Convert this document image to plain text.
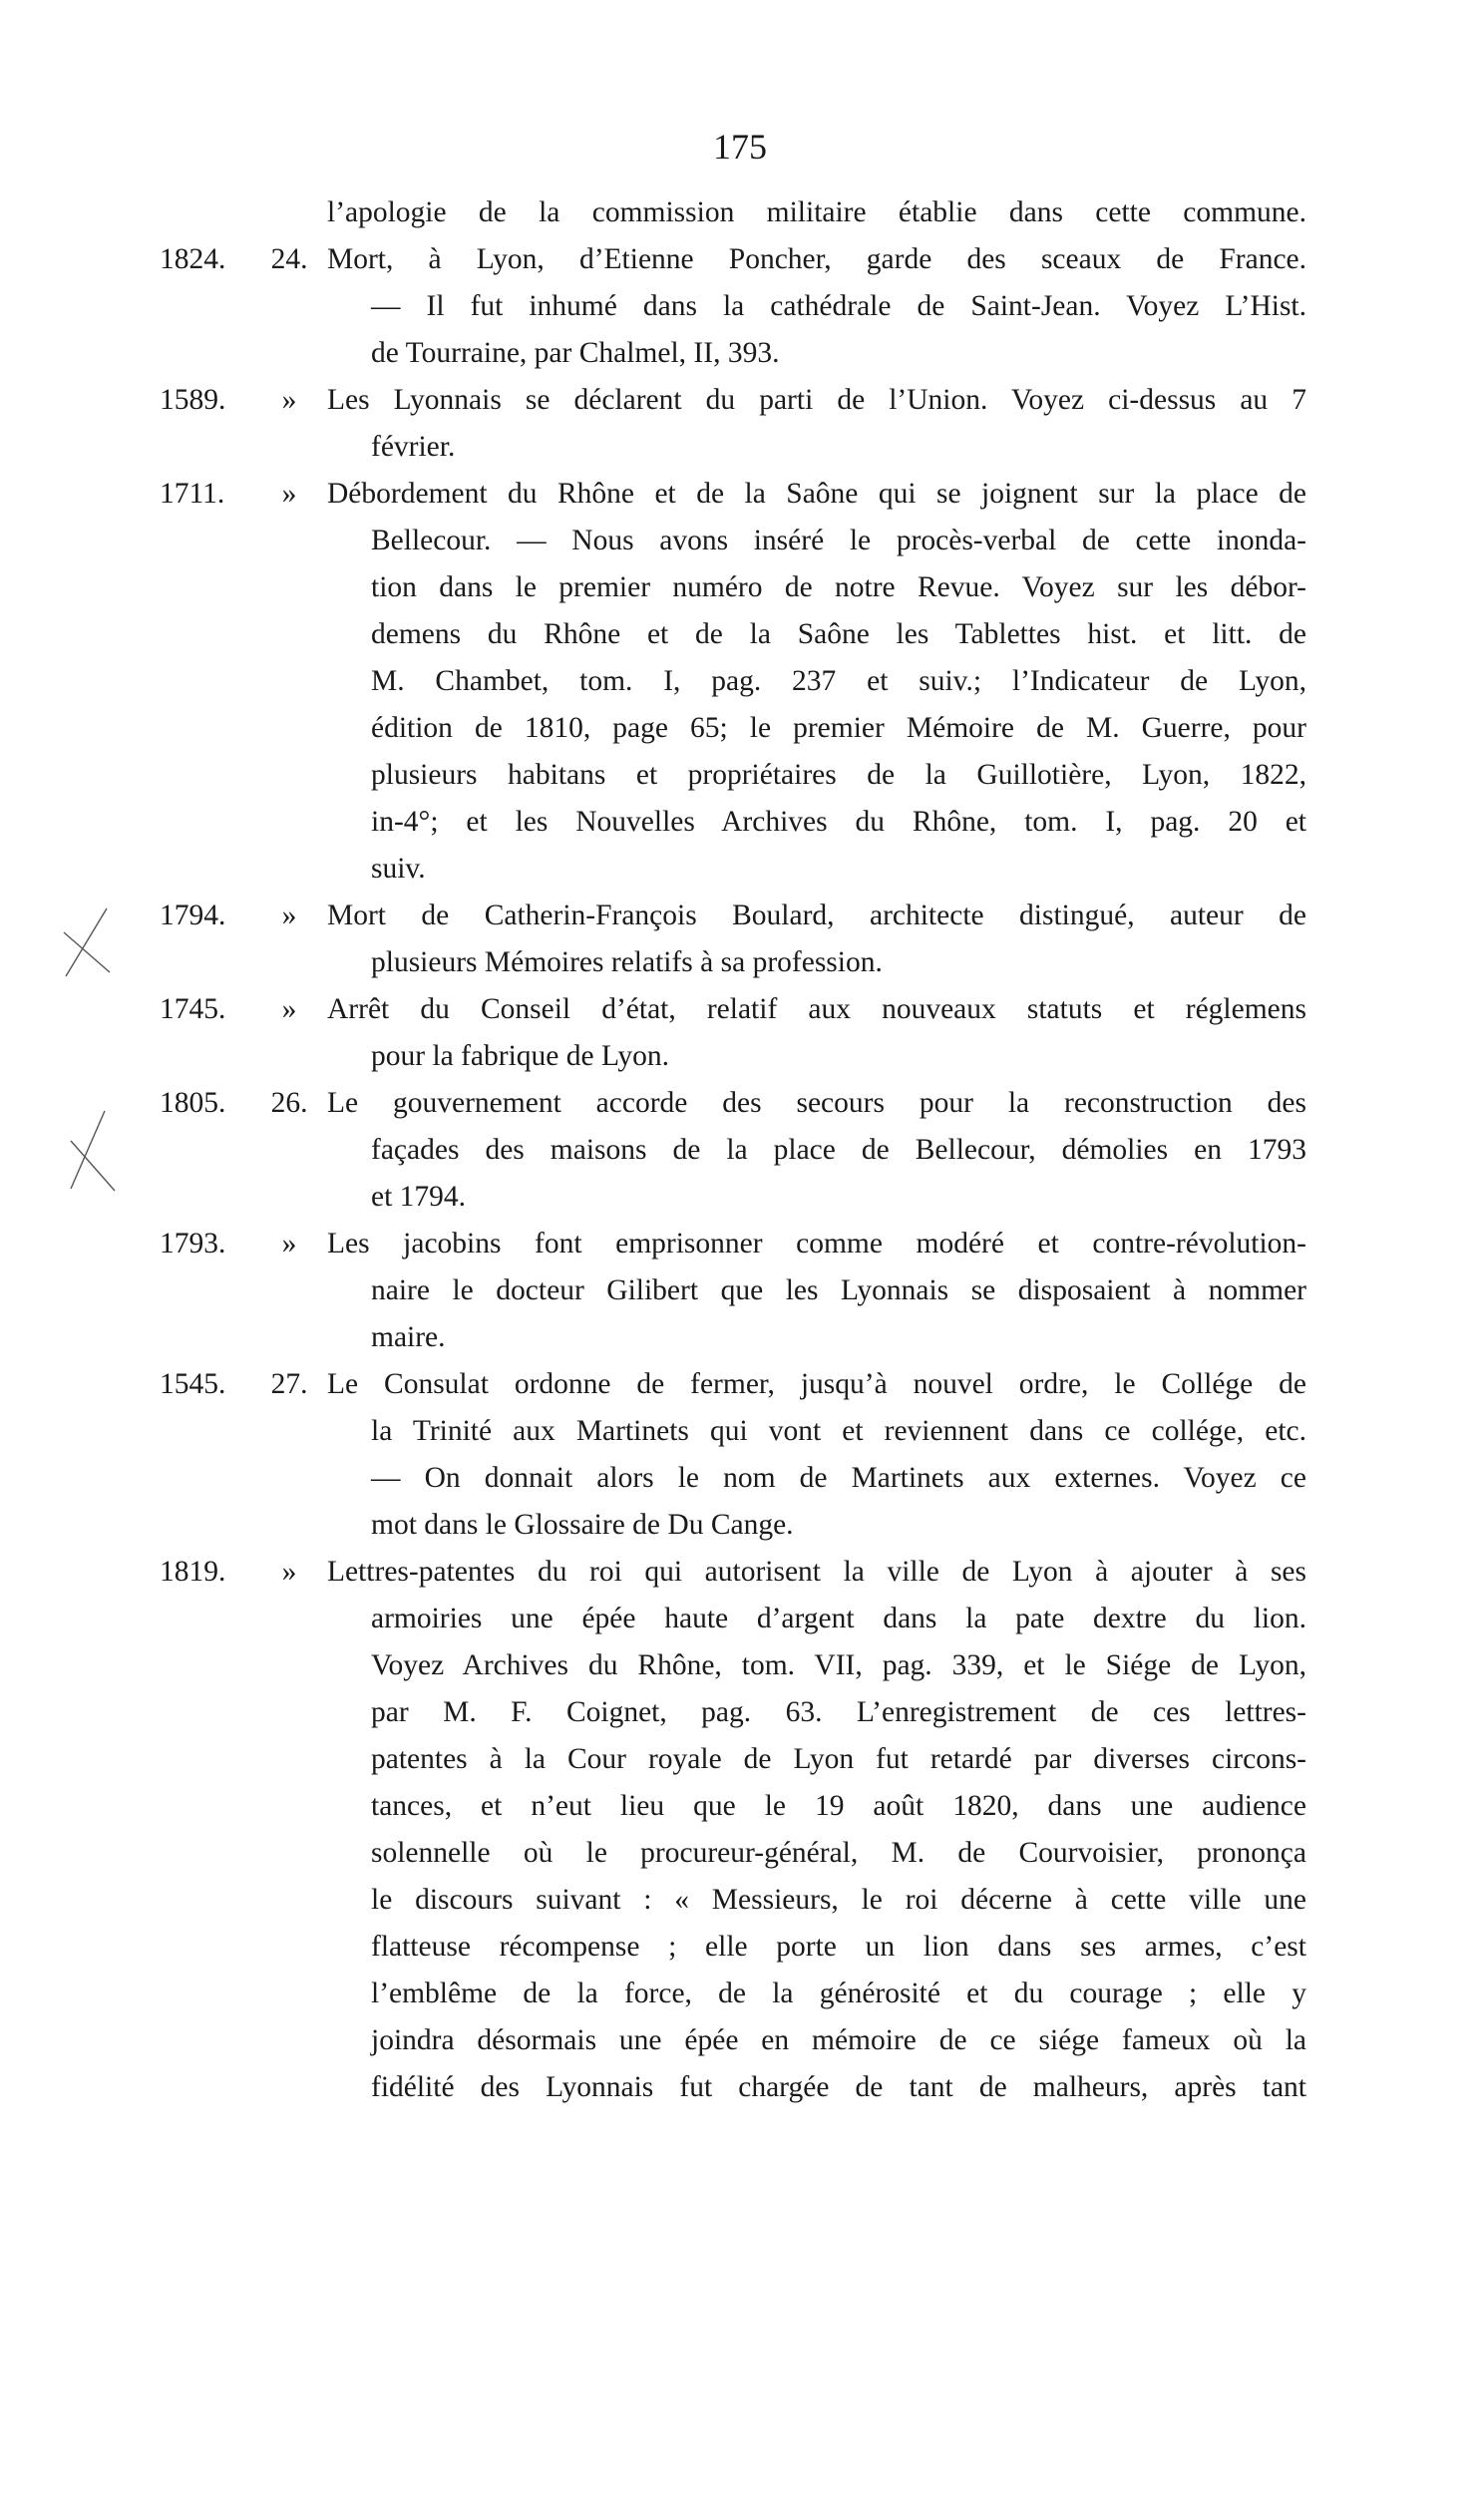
175
l’apologie de la commission militaire établie dans cette commune.
1824.	24. Mort, à Lyon, d’Etienne Poncher, garde des sceaux de France.
— Il fut inhumé dans la cathédrale de Saint-Jean. Voyez L’Hist.
de Tourraine, par Chalmel, II, 393.
1589.	»	Les Lyonnais se déclarent du parti de l’Union. Voyez ci-dessus au 7
février.
1711.	»	Débordement du Rhône et de la Saône qui se joignent sur la place de
Bellecour. — Nous avons inséré le procès-verbal de cette inonda-
tion dans le premier numéro de notre Revue. Voyez sur les débor-
demens du Rhône et de la Saône les Tablettes hist. et litt. de
M. Chambet, tom. I, pag. 237 et suiv.; l’Indicateur de Lyon,
édition de 1810, page 65; le premier Mémoire de M. Guerre, pour
plusieurs habitans et propriétaires de la Guillotière, Lyon, 1822,
in-4°; et les Nouvelles Archives du Rhône, tom. I, pag. 20 et
suiv.
1794.	»	Mort de Catherin-François Boulard, architecte distingué, auteur de
plusieurs Mémoires relatifs à sa profession.
1745.	»	Arrêt du Conseil d’état, relatif aux nouveaux statuts et réglemens
pour la fabrique de Lyon.
1805.	26. Le gouvernement accorde des secours pour la reconstruction des
façades des maisons de la place de Bellecour, démolies en 1793
et 1794.
1793.	»	Les jacobins font emprisonner comme modéré et contre-révolution-
naire le docteur Gilibert que les Lyonnais se disposaient à nommer
maire.
1545.	27. Le Consulat ordonne de fermer, jusqu’à nouvel ordre, le Collége de
la Trinité aux Martinets qui vont et reviennent dans ce collége, etc.
— On donnait alors le nom de Martinets aux externes. Voyez ce
mot dans le Glossaire de Du Cange.
1819.	»	Lettres-patentes du roi qui autorisent la ville de Lyon à ajouter à ses
armoiries une épée haute d’argent dans la pate dextre du lion.
Voyez Archives du Rhône, tom. VII, pag. 339, et le Siége de Lyon,
par M. F. Coignet, pag. 63. L’enregistrement de ces lettres-
patentes à la Cour royale de Lyon fut retardé par diverses circons-
tances, et n’eut lieu que le 19 août 1820, dans une audience
solennelle où le procureur-général, M. de Courvoisier, prononça
le discours suivant : « Messieurs, le roi décerne à cette ville une
flatteuse récompense ; elle porte un lion dans ses armes, c’est
l’emblême de la force, de la générosité et du courage ; elle y
joindra désormais une épée en mémoire de ce siége fameux où la
fidélité des Lyonnais fut chargée de tant de malheurs, après tant
